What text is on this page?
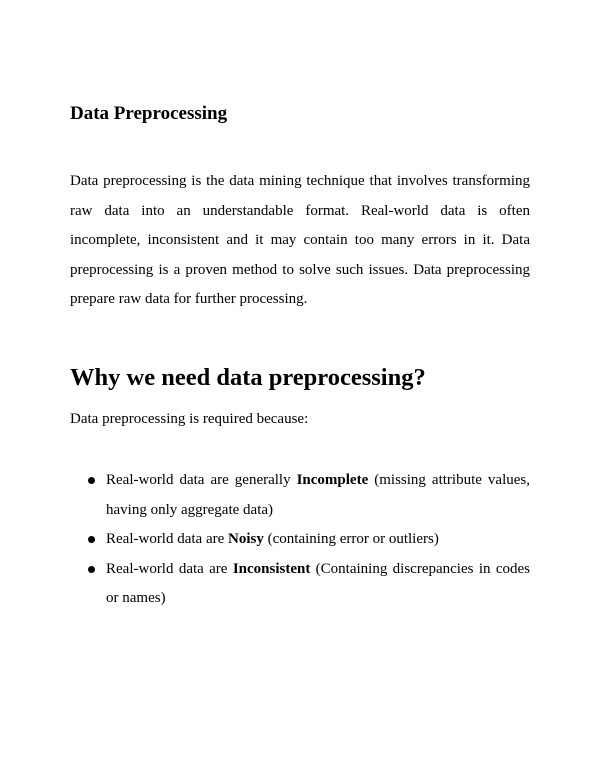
Data Preprocessing

Data preprocessing is the data mining technique that involves transforming raw data into an understandable format. Real-world data is often incomplete, inconsistent and it may contain too many errors in it. Data preprocessing is a proven method to solve such issues. Data preprocessing prepare raw data for further processing.

Why we need data preprocessing?

Data preprocessing is required because:

Real-world data are generally Incomplete (missing attribute values, having only aggregate data)
Real-world data are Noisy (containing error or outliers)
Real-world data are Inconsistent (Containing discrepancies in codes or names)
